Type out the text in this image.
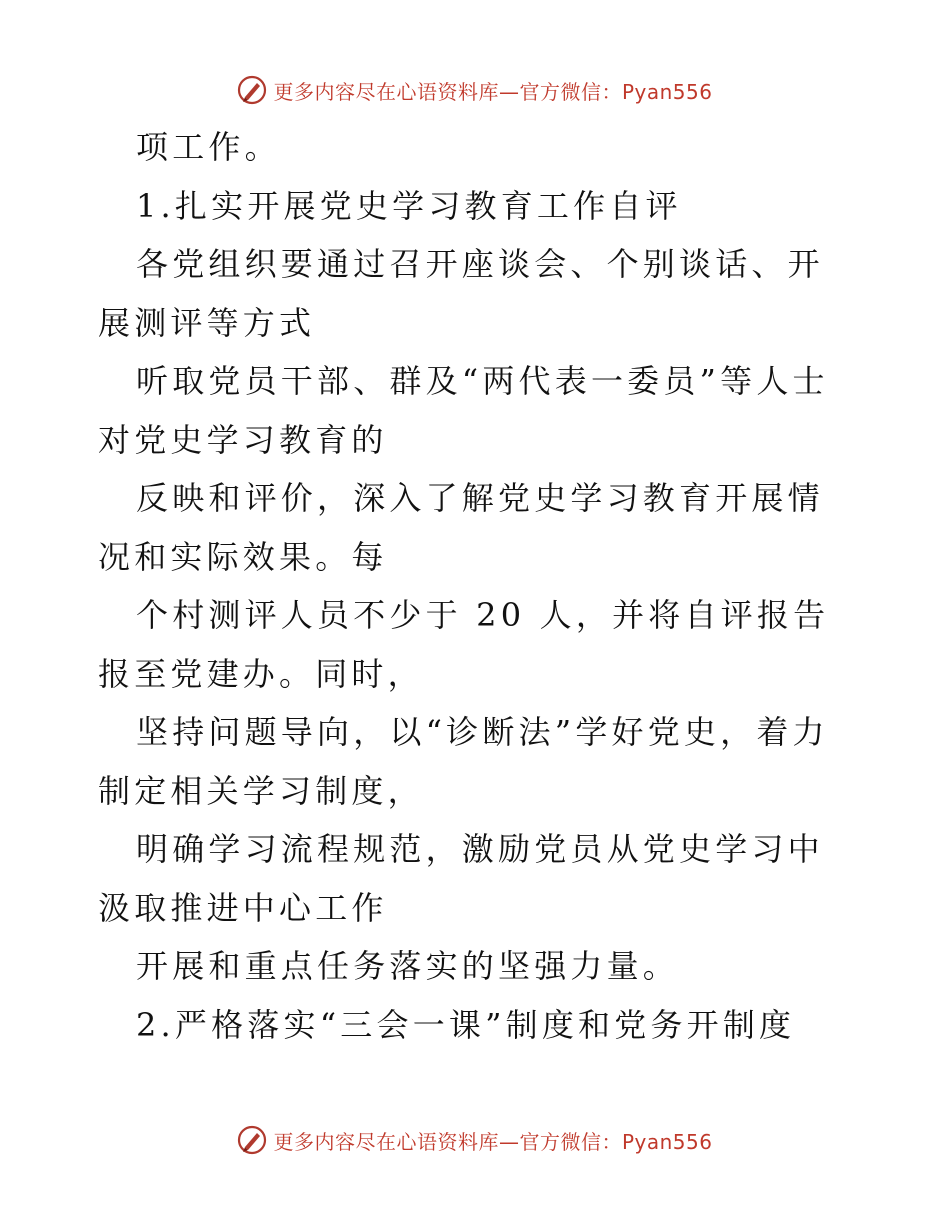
更多内容尽在心语资料库—官方微信：Pyan556

项工作。

1.扎实开展党史学习教育工作自评

各党组织要通过召开座谈会、个别谈话、开展测评等方式

听取党员干部、群及“两代表一委员”等人士对党史学习教育的

反映和评价，深入了解党史学习教育开展情况和实际效果。每

个村测评人员不少于 20 人，并将自评报告报至党建办。同时，

坚持问题导向，以“诊断法”学好党史，着力制定相关学习制度，

明确学习流程规范，激励党员从党史学习中汲取推进中心工作

开展和重点任务落实的坚强力量。

2.严格落实“三会一课”制度和党务开制度

更多内容尽在心语资料库—官方微信：Pyan556
